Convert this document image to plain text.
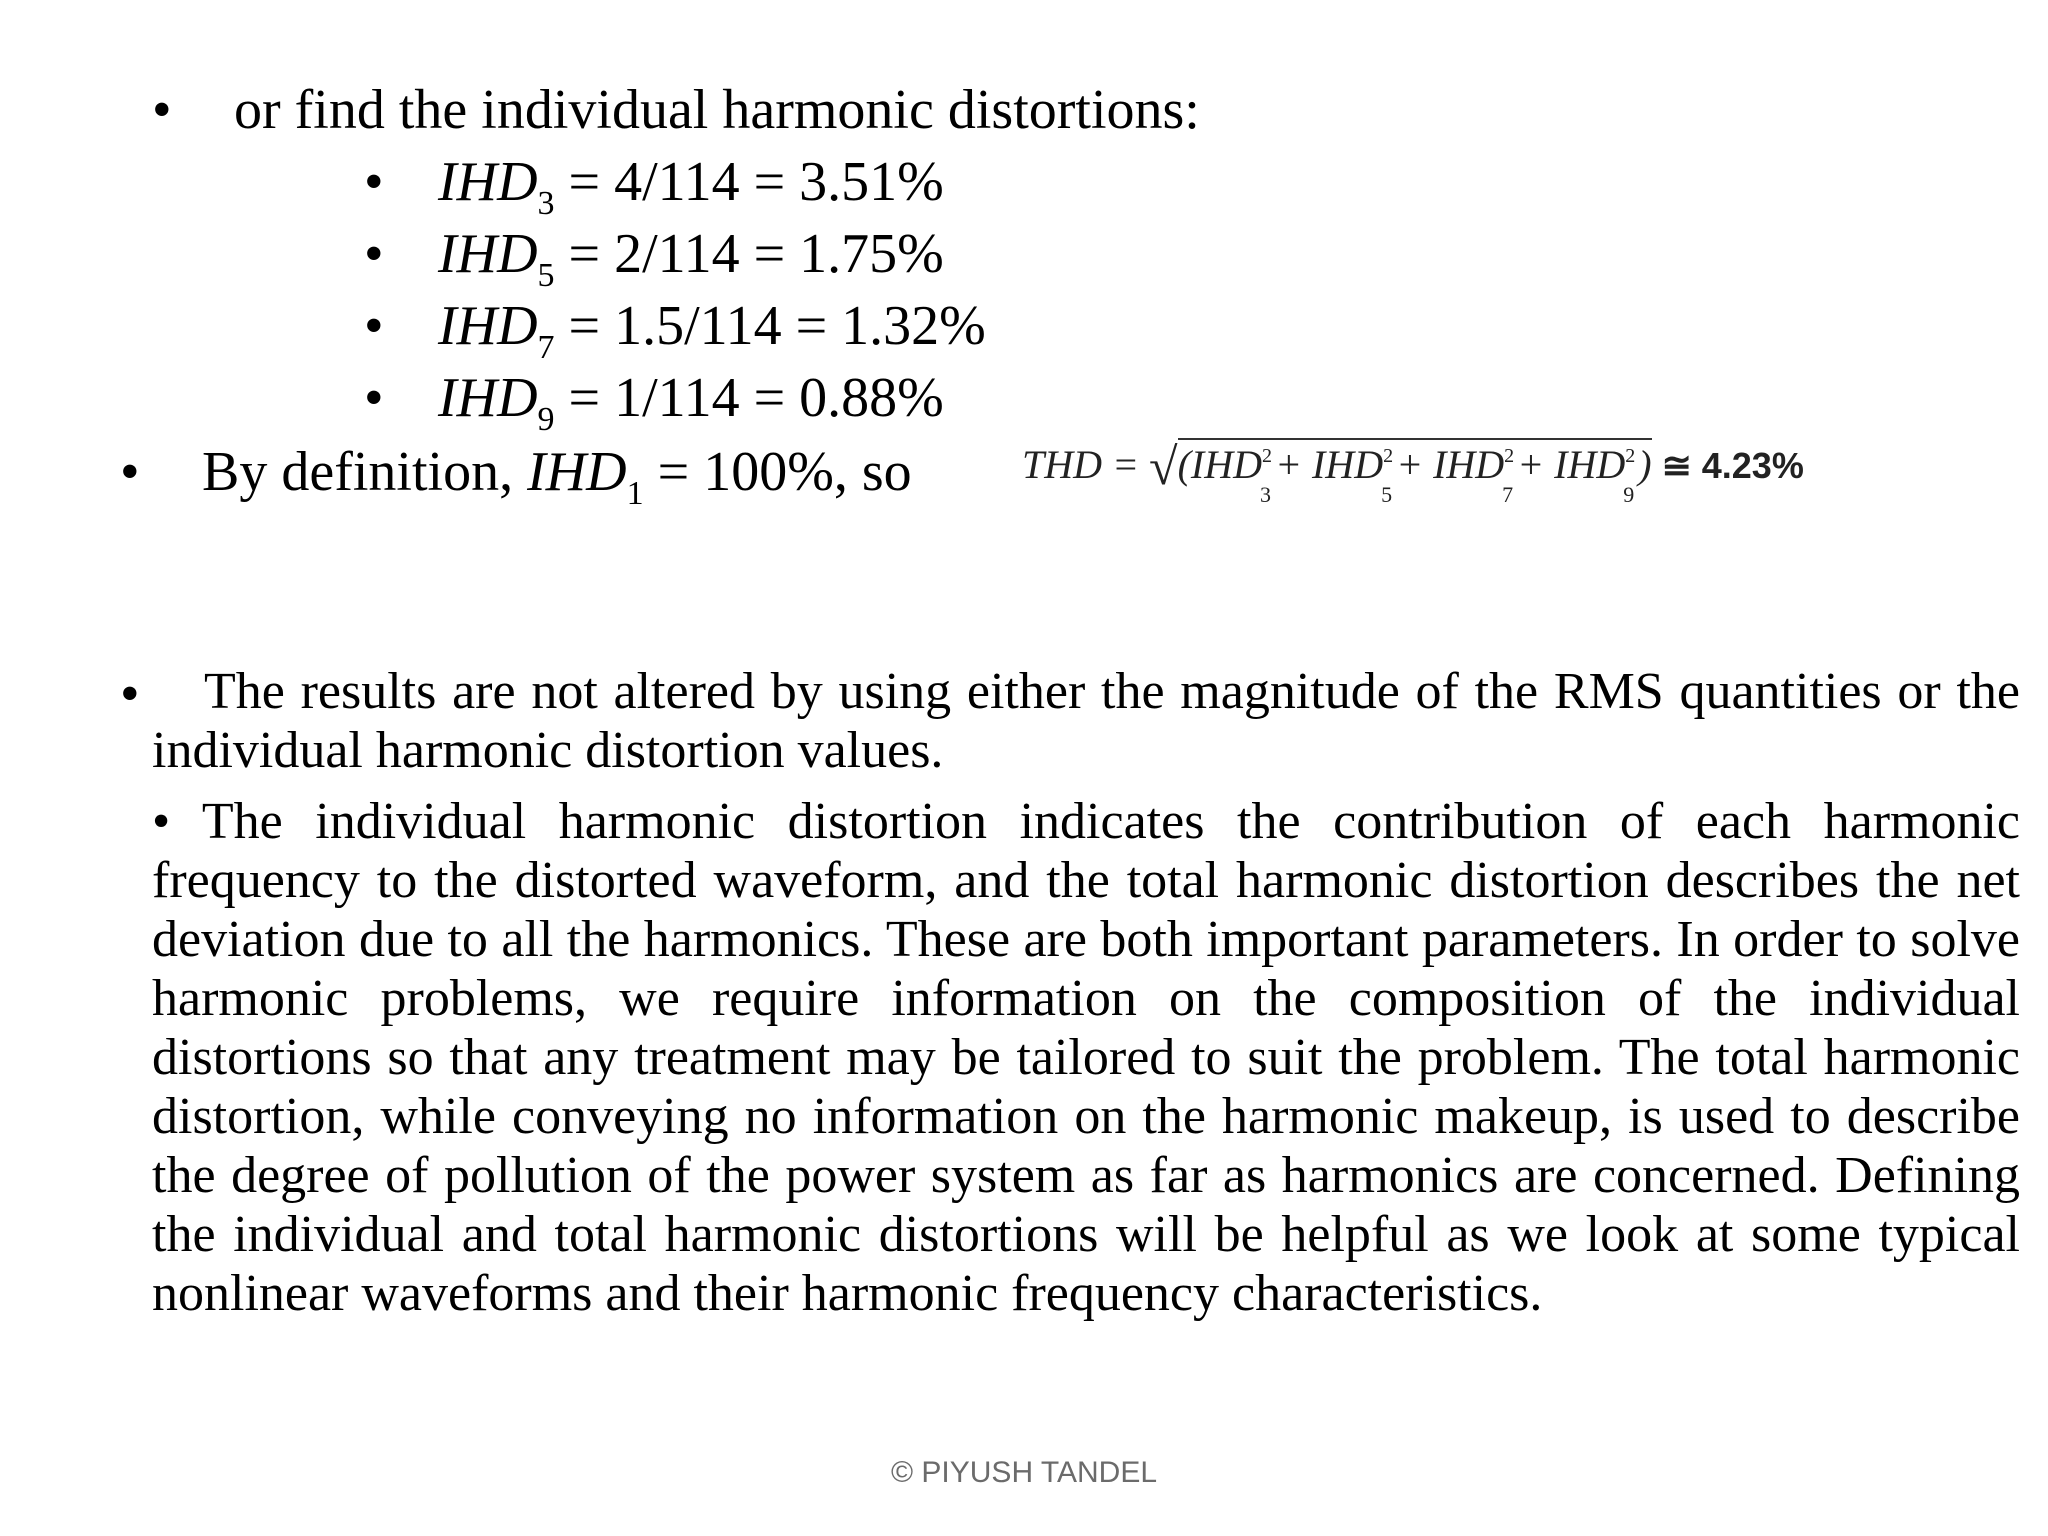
• or find the individual harmonic distortions:
• $IHD_3 = 4/114 = 3.51\%$
• $IHD_5 = 2/114 = 1.75\%$
• $IHD_7 = 1.5/114 = 1.32\%$
• $IHD_9 = 1/114 = 0.88\%$
• By definition, $IHD_1 = 100\%$, so	THD = $√(IHD^2_3+ IHD^2_5+ IHD^2_7+ IHD^2_9)$ ≅ 4.23%
•	The results are not altered by using either the magnitude of the RMS quantities or the individual harmonic distortion values.
• The individual harmonic distortion indicates the contribution of each harmonic frequency to the distorted waveform, and the total harmonic distortion describes the net deviation due to all the harmonics. These are both important parameters. In order to solve harmonic problems, we require information on the composition of the individual distortions so that any treatment may be tailored to suit the problem. The total harmonic distortion, while conveying no information on the harmonic makeup, is used to describe the degree of pollution of the power system as far as harmonics are concerned. Defining the individual and total harmonic distortions will be helpful as we look at some typical nonlinear waveforms and their harmonic frequency characteristics.
© PIYUSH TANDEL
